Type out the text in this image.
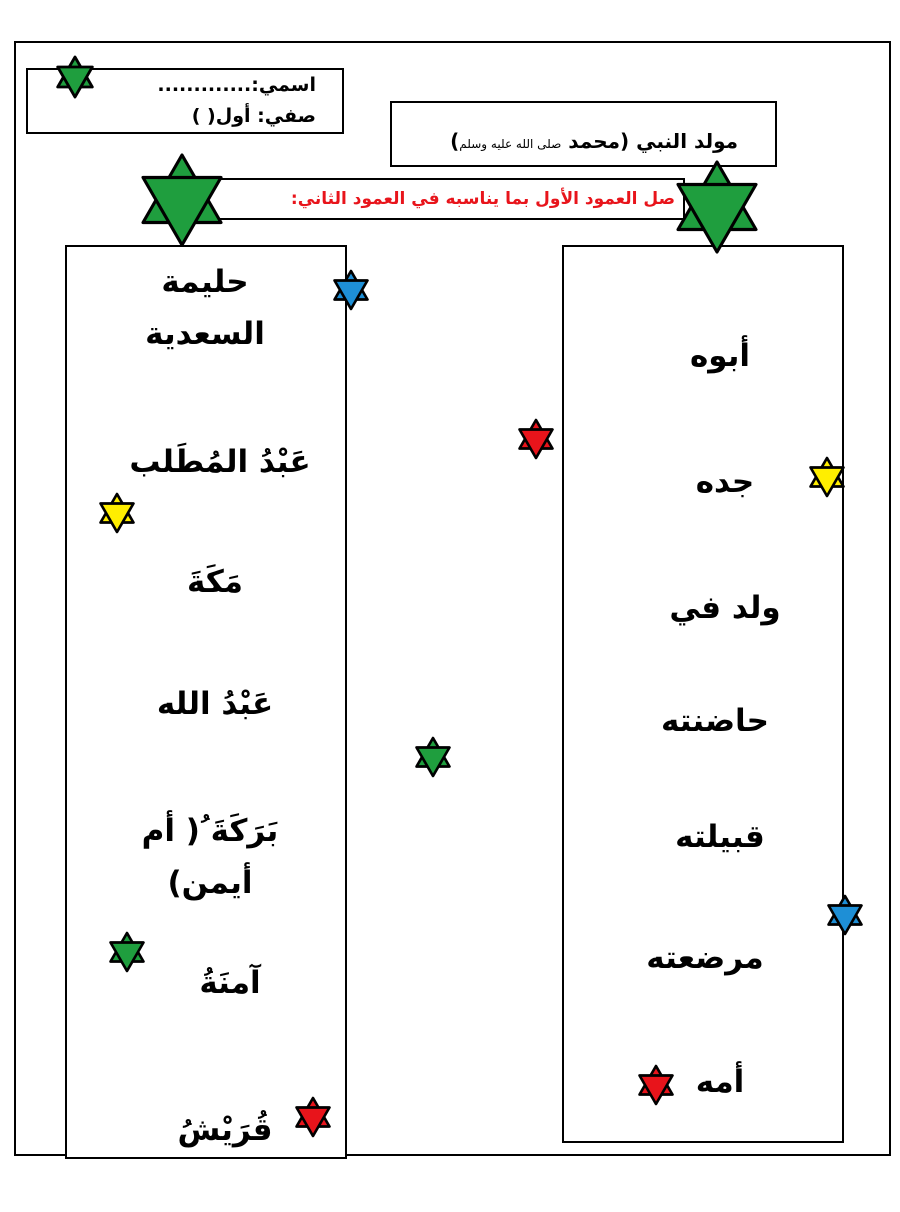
اسمي:.............
صفي: أول( )
مولد النبي (محمد صلى الله عليه وسلم)
صل العمود الأول بما يناسبه في العمود الثاني:
أبوه
جده
ولد في
حاضنته
قبيلته
مرضعته
أمه
حليمة السعدية
عَبْدُ المُطَلب
مَكَةَ
عَبْدُ الله
بَرَكَةَ ُ( أم أيمن)
آمنَةُ
قُرَيْشُ
